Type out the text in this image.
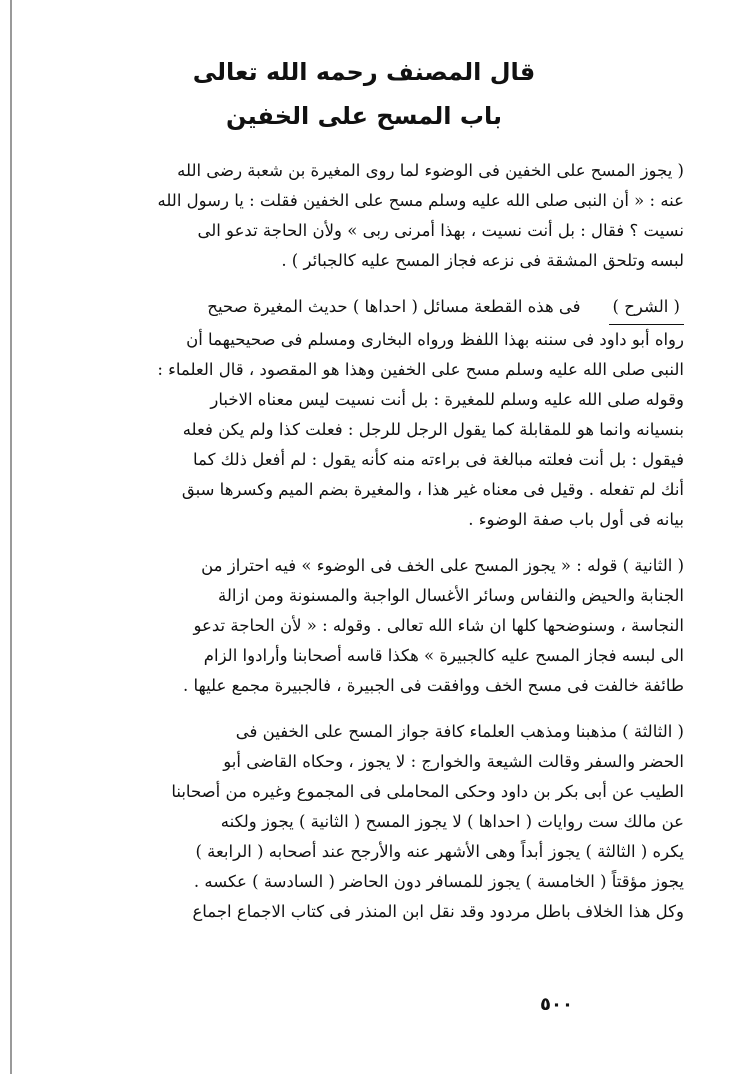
قال المصنف رحمه الله تعالى
باب المسح على الخفين
( يجوز المسح على الخفين فى الوضوء لما روى المغيرة بن شعبة رضى الله
عنه : « أن النبى صلى الله عليه وسلم مسح على الخفين فقلت : يا رسول الله
نسيت ؟ فقال : بل أنت نسيت ، بهذا أمرنى ربى » ولأن الحاجة تدعو الى
لبسه وتلحق المشقة فى نزعه فجاز المسح عليه كالجبائر ) .
( الشرح )فى هذه القطعة مسائل ( احداها ) حديث المغيرة صحيح
رواه أبو داود فى سننه بهذا اللفظ ورواه البخارى ومسلم فى صحيحيهما أن
النبى صلى الله عليه وسلم مسح على الخفين وهذا هو المقصود ، قال العلماء :
وقوله صلى الله عليه وسلم للمغيرة : بل أنت نسيت ليس معناه الاخبار
بنسيانه وانما هو للمقابلة كما يقول الرجل للرجل : فعلت كذا ولم يكن فعله
فيقول : بل أنت فعلته مبالغة فى براءته منه كأنه يقول : لم أفعل ذلك كما
أنك لم تفعله . وقيل فى معناه غير هذا ، والمغيرة بضم الميم وكسرها سبق
بيانه فى أول باب صفة الوضوء .
( الثانية ) قوله : « يجوز المسح على الخف فى الوضوء » فيه احتراز من
الجنابة والحيض والنفاس وسائر الأغسال الواجبة والمسنونة ومن ازالة
النجاسة ، وسنوضحها كلها ان شاء الله تعالى . وقوله : « لأن الحاجة تدعو
الى لبسه فجاز المسح عليه كالجبيرة » هكذا قاسه أصحابنا وأرادوا الزام
طائفة خالفت فى مسح الخف ووافقت فى الجبيرة ، فالجبيرة مجمع عليها .
( الثالثة ) مذهبنا ومذهب العلماء كافة جواز المسح على الخفين فى
الحضر والسفر وقالت الشيعة والخوارج : لا يجوز ، وحكاه القاضى أبو
الطيب عن أبى بكر بن داود وحكى المحاملى فى المجموع وغيره من أصحابنا
عن مالك ست روايات ( احداها ) لا يجوز المسح ( الثانية ) يجوز ولكنه
يكره ( الثالثة ) يجوز أبداً وهى الأشهر عنه والأرجح عند أصحابه ( الرابعة )
يجوز مؤقتاً ( الخامسة ) يجوز للمسافر دون الحاضر ( السادسة ) عكسه .
وكل هذا الخلاف باطل مردود وقد نقل ابن المنذر فى كتاب الاجماع اجماع
٥٠٠
